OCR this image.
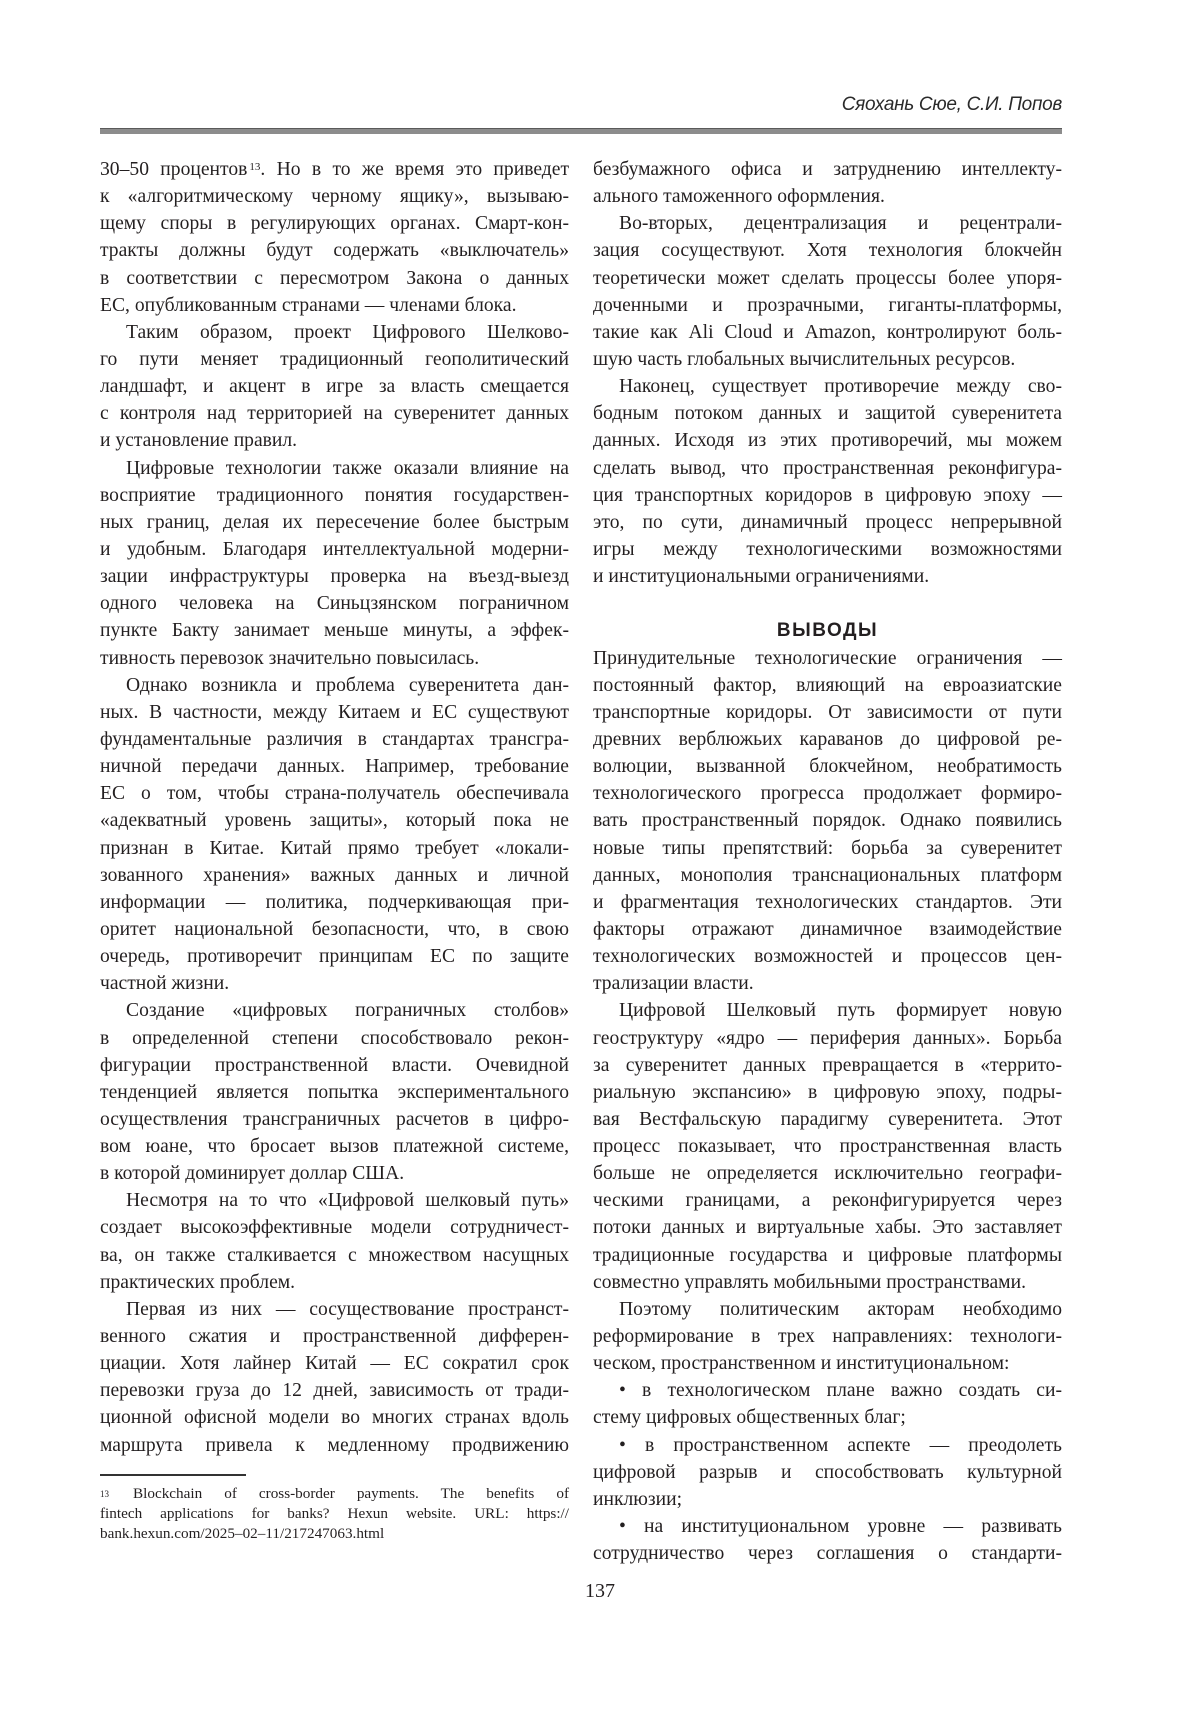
Сяохань Сюе, С.И. Попов
30–50 процентов 13. Но в то же время это приведет
к «алгоритмическому черному ящику», вызываю-
щему споры в регулирующих органах. Смарт-кон-
тракты должны будут содержать «выключатель»
в соответствии с пересмотром Закона о данных
ЕС, опубликованным странами — членами блока.
Таким образом, проект Цифрового Шелково-
го пути меняет традиционный геополитический
ландшафт, и акцент в игре за власть смещается
с контроля над территорией на суверенитет данных
и установление правил.
Цифровые технологии также оказали влияние на
восприятие традиционного понятия государствен-
ных границ, делая их пересечение более быстрым
и удобным. Благодаря интеллектуальной модерни-
зации инфраструктуры проверка на въезд-выезд
одного человека на Синьцзянском пограничном
пункте Бакту занимает меньше минуты, а эффек-
тивность перевозок значительно повысилась.
Однако возникла и проблема суверенитета дан-
ных. В частности, между Китаем и ЕС существуют
фундаментальные различия в стандартах трансгра-
ничной передачи данных. Например, требование
ЕС о том, чтобы страна-получатель обеспечивала
«адекватный уровень защиты», который пока не
признан в Китае. Китай прямо требует «локали-
зованного хранения» важных данных и личной
информации — политика, подчеркивающая при-
оритет национальной безопасности, что, в свою
очередь, противоречит принципам ЕС по защите
частной жизни.
Создание «цифровых пограничных столбов»
в определенной степени способствовало рекон-
фигурации пространственной власти. Очевидной
тенденцией является попытка экспериментального
осуществления трансграничных расчетов в цифро-
вом юане, что бросает вызов платежной системе,
в которой доминирует доллар США.
Несмотря на то что «Цифровой шелковый путь»
создает высокоэффективные модели сотрудничест-
ва, он также сталкивается с множеством насущных
практических проблем.
Первая из них — сосуществование пространст-
венного сжатия и пространственной дифферен-
циации. Хотя лайнер Китай — ЕС сократил срок
перевозки груза до 12 дней, зависимость от тради-
ционной офисной модели во многих странах вдоль
маршрута привела к медленному продвижению
безбумажного офиса и затруднению интеллекту-
ального таможенного оформления.
Во-вторых, децентрализация и рецентрали-
зация сосуществуют. Хотя технология блокчейн
теоретически может сделать процессы более упоря-
доченными и прозрачными, гиганты-платформы,
такие как Ali Cloud и Amazon, контролируют боль-
шую часть глобальных вычислительных ресурсов.
Наконец, существует противоречие между сво-
бодным потоком данных и защитой суверенитета
данных. Исходя из этих противоречий, мы можем
сделать вывод, что пространственная реконфигура-
ция транспортных коридоров в цифровую эпоху —
это, по сути, динамичный процесс непрерывной
игры между технологическими возможностями
и институциональными ограничениями.
ВЫВОДЫ
Принудительные технологические ограничения —
постоянный фактор, влияющий на евроазиатские
транспортные коридоры. От зависимости от пути
древних верблюжьих караванов до цифровой ре-
волюции, вызванной блокчейном, необратимость
технологического прогресса продолжает формиро-
вать пространственный порядок. Однако появились
новые типы препятствий: борьба за суверенитет
данных, монополия транснациональных платформ
и фрагментация технологических стандартов. Эти
факторы отражают динамичное взаимодействие
технологических возможностей и процессов цен-
трализации власти.
Цифровой Шелковый путь формирует новую
геоструктуру «ядро — периферия данных». Борьба
за суверенитет данных превращается в «террито-
риальную экспансию» в цифровую эпоху, подры-
вая Вестфальскую парадигму суверенитета. Этот
процесс показывает, что пространственная власть
больше не определяется исключительно географи-
ческими границами, а реконфигурируется через
потоки данных и виртуальные хабы. Это заставляет
традиционные государства и цифровые платформы
совместно управлять мобильными пространствами.
Поэтому политическим акторам необходимо
реформирование в трех направлениях: технологи-
ческом, пространственном и институциональном:
• в технологическом плане важно создать си-
стему цифровых общественных благ;
• в пространственном аспекте — преодолеть
цифровой разрыв и способствовать культурной
инклюзии;
• на институциональном уровне — развивать
сотрудничество через соглашения о стандарти-
13 Blockchain of cross-border payments. The benefits of
fintech applications for banks? Hexun website. URL: https://
bank.hexun.com/2025–02–11/217247063.html
137
